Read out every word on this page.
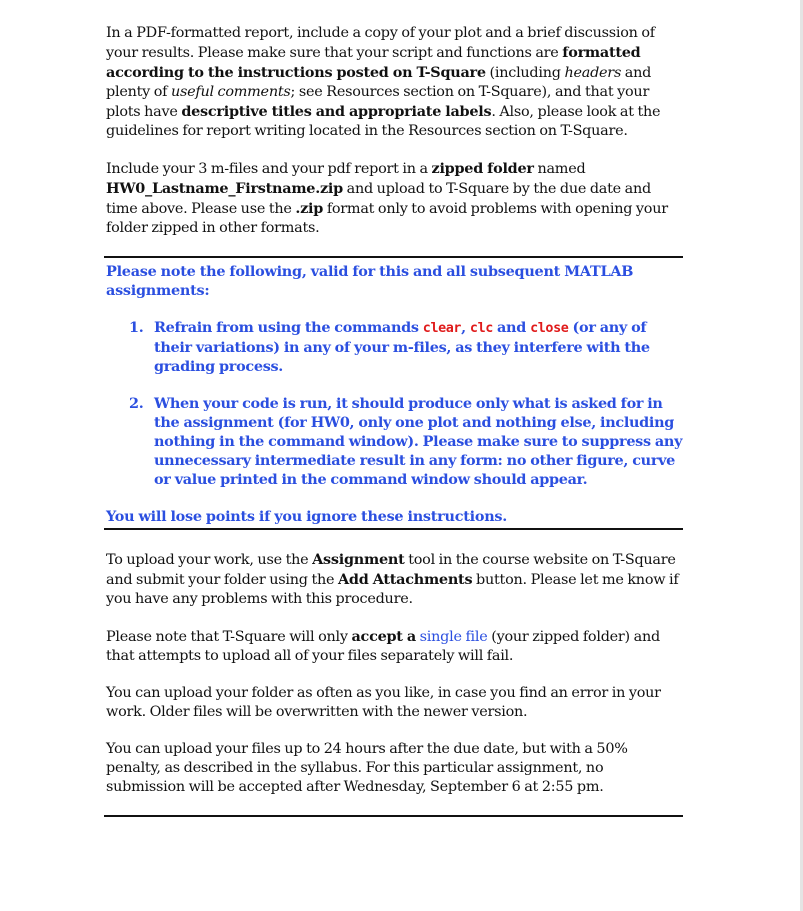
In a PDF-formatted report, include a copy of your plot and a brief discussion of your results. Please make sure that your script and functions are formatted according to the instructions posted on T-Square (including headers and plenty of useful comments; see Resources section on T-Square), and that your plots have descriptive titles and appropriate labels. Also, please look at the guidelines for report writing located in the Resources section on T-Square.

Include your 3 m-files and your pdf report in a zipped folder named HW0_Lastname_Firstname.zip and upload to T-Square by the due date and time above. Please use the .zip format only to avoid problems with opening your folder zipped in other formats.

Please note the following, valid for this and all subsequent MATLAB assignments:

1. Refrain from using the commands clear, clc and close (or any of their variations) in any of your m-files, as they interfere with the grading process.
2. When your code is run, it should produce only what is asked for in the assignment (for HW0, only one plot and nothing else, including nothing in the command window). Please make sure to suppress any unnecessary intermediate result in any form: no other figure, curve or value printed in the command window should appear.

You will lose points if you ignore these instructions.

To upload your work, use the Assignment tool in the course website on T-Square and submit your folder using the Add Attachments button. Please let me know if you have any problems with this procedure.

Please note that T-Square will only accept a single file (your zipped folder) and that attempts to upload all of your files separately will fail.

You can upload your folder as often as you like, in case you find an error in your work. Older files will be overwritten with the newer version.

You can upload your files up to 24 hours after the due date, but with a 50% penalty, as described in the syllabus. For this particular assignment, no submission will be accepted after Wednesday, September 6 at 2:55 pm.
